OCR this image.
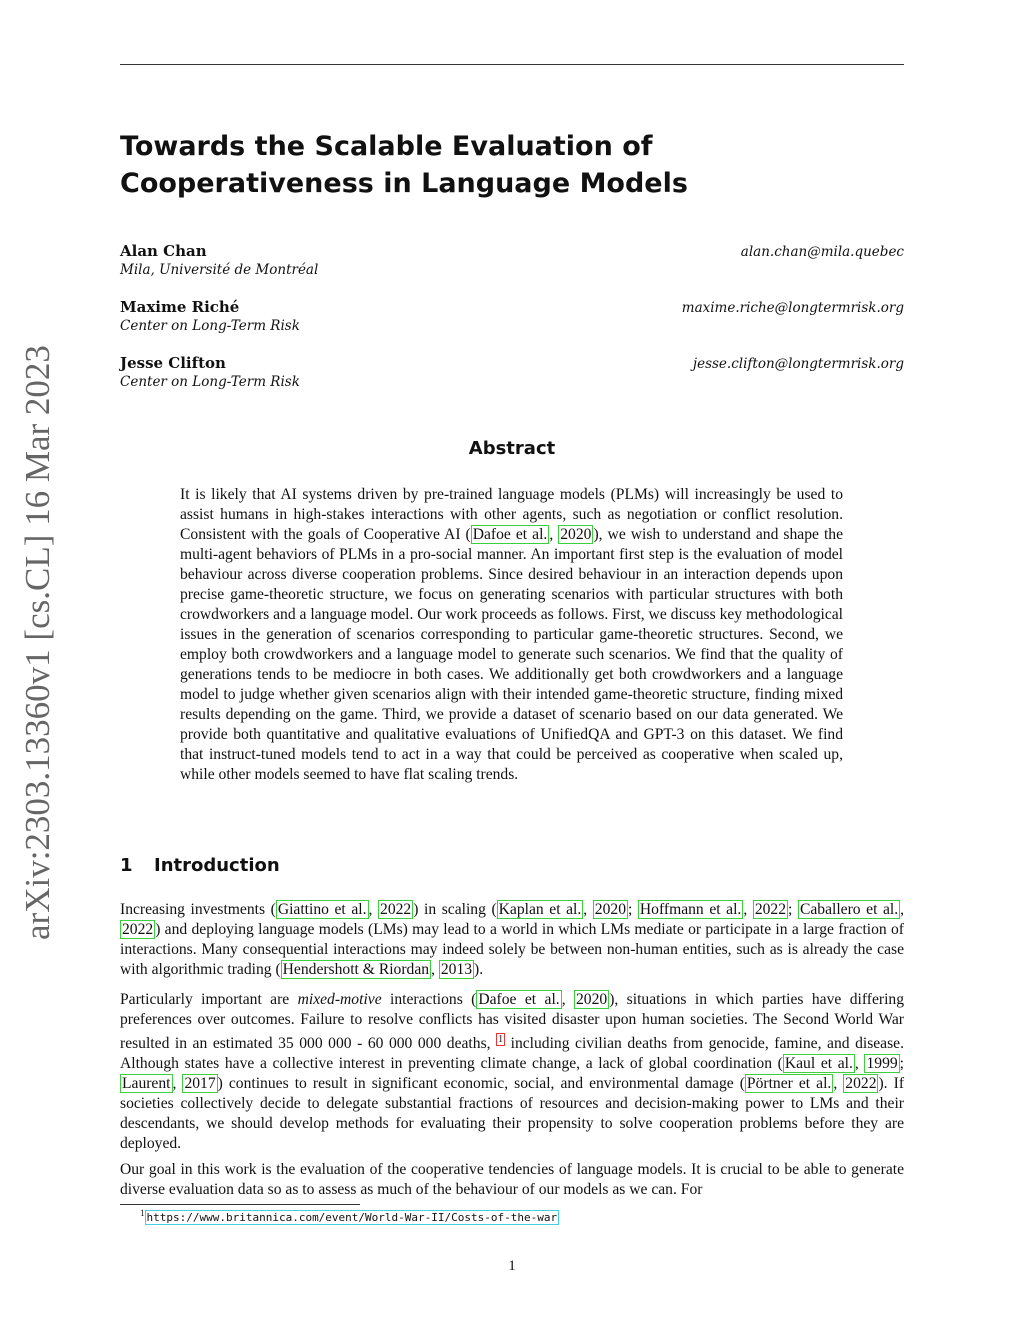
Towards the Scalable Evaluation of Cooperativeness in Language Models
Alan Chan
Mila, Université de Montréal
alan.chan@mila.quebec
Maxime Riché
Center on Long-Term Risk
maxime.riche@longtermrisk.org
Jesse Clifton
Center on Long-Term Risk
jesse.clifton@longtermrisk.org
arXiv:2303.13360v1 [cs.CL] 16 Mar 2023	Abstract

It is likely that AI systems driven by pre-trained language models (PLMs) will increasingly be used to assist humans in high-stakes interactions with other agents, such as negotiation or conflict resolution. Consistent with the goals of Cooperative AI ( Dafoe et al. , 2020 ), we wish to understand and shape the multi-agent behaviors of PLMs in a pro-social manner. An important first step is the evaluation of model behaviour across diverse cooperation problems. Since desired behaviour in an interaction depends upon precise game-theoretic structure, we focus on generating scenarios with particular structures with both crowdworkers and a language model. Our work proceeds as follows. First, we discuss key methodological issues in the generation of scenarios corresponding to particular game-theoretic structures. Second, we employ both crowdworkers and a language model to generate such scenarios. We find that the quality of generations tends to be mediocre in both cases. We additionally get both crowdworkers and a language model to judge whether given scenarios align with their intended game-theoretic structure, finding mixed results depending on the game. Third, we provide a dataset of scenario based on our data generated. We provide both quantitative and qualitative evaluations of UnifiedQA and GPT-3 on this dataset. We find that instruct-tuned models tend to act in a way that could be perceived as cooperative when scaled up, while other models seemed to have flat scaling trends.

1 Introduction

Increasing investments ( Giattino et al. , 2022 ) in scaling ( Kaplan et al. , 2020 ; Hoffmann et al. , 2022 ; Caballero et al. , 2022 ) and deploying language models (LMs) may lead to a world in which LMs mediate or participate in a large fraction of interactions. Many consequential interactions may indeed solely be between non-human entities, such as is already the case with algorithmic trading ( Hendershott & Riordan , 2013 ).

Particularly important are mixed-motive interactions ( Dafoe et al. , 2020 ), situations in which parties have differing preferences over outcomes. Failure to resolve conflicts has visited disaster upon human societies. The Second World War resulted in an estimated 35 000 000 - 60 000 000 deaths, $^1$ including civilian deaths from genocide, famine, and disease. Although states have a collective interest in preventing climate change, a lack of global coordination ( Kaul et al. , 1999 ; Laurent , 2017 ) continues to result in significant economic, social, and environmental damage ( Pörtner et al. , 2022 ). If societies collectively decide to delegate substantial fractions of resources and decision-making power to LMs and their descendants, we should develop methods for evaluating their propensity to solve cooperation problems before they are deployed.

Our goal in this work is the evaluation of the cooperative tendencies of language models. It is crucial to be able to generate diverse evaluation data so as to assess as much of the behaviour of our models as we can. For

$^1$ https://www.britannica.com/event/World-War-II/Costs-of-the-war
1
